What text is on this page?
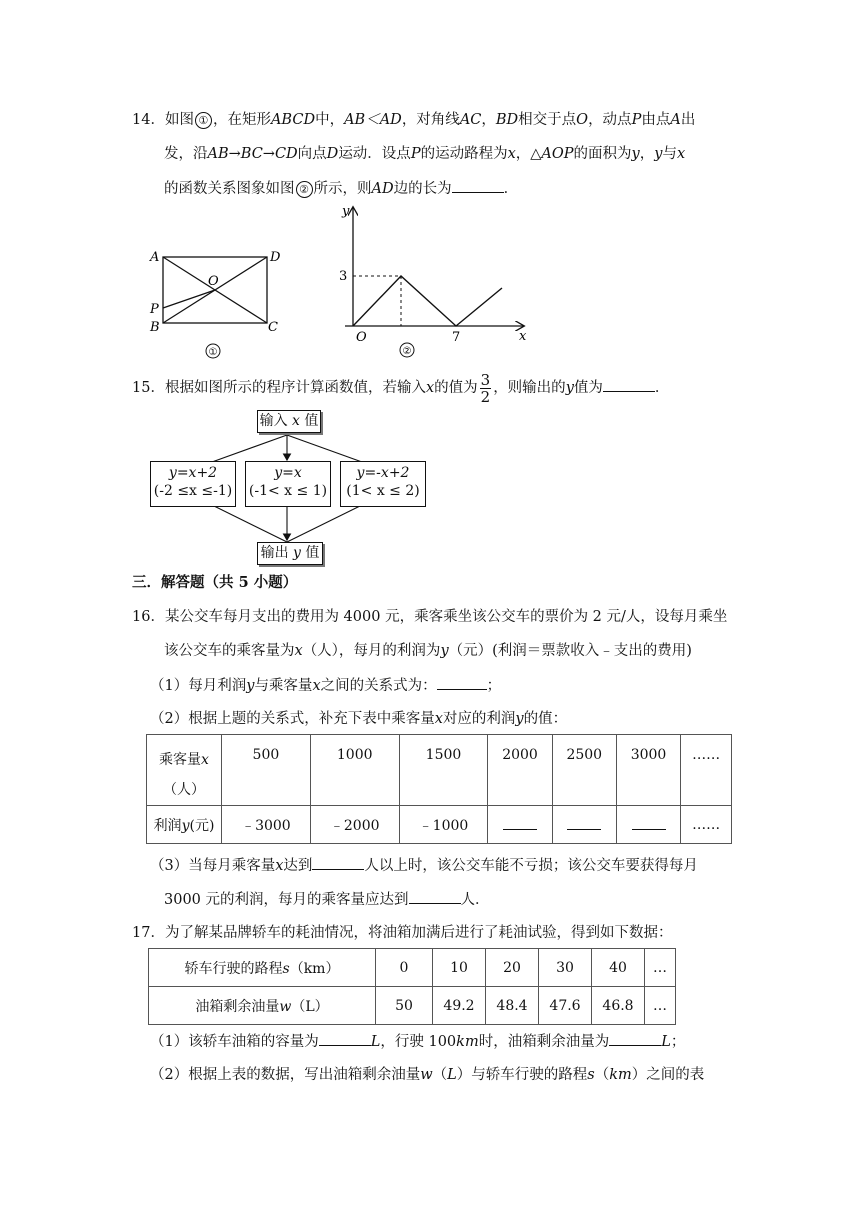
14．如图 ① ，在矩形ABCD中，AB＜AD，对角线AC，BD相交于点O，动点P由点A出
发，沿AB→BC→CD向点D运动．设点P的运动路程为x，△AOP的面积为y，y与x
的函数关系图象如图 ② 所示，则AD边的长为	．
A	D
O
P
B	C
①
y
x
3
O	7
②
15．根据如图所示的程序计算函数值，若输入x的值为 $\frac{3}{2}$ ，则输出的y值为	．
输入 x 值
y=x+2
(-2 ≤x ≤-1)
y=x
(-1< x ≤ 1)
y=-x+2
(1< x ≤ 2)
输出 y 值
三．解答题（共 5 小题）
16．某公交车每月支出的费用为 4000 元，乘客乘坐该公交车的票价为 2 元/人，设每月乘坐
该公交车的乘客量为x（人），每月的利润为y（元）(利润＝票款收入﹣支出的费用)
（1）每月利润y与乘客量x之间的关系式为：	；
（2）根据上题的关系式，补充下表中乘客量x对应的利润y的值：
乘客量x
（人）	500	1000	1500	2000	2500	3000	……
利润y(元)	﹣3000	﹣2000	﹣1000				……
（3）当每月乘客量x达到	人以上时，该公交车能不亏损；该公交车要获得每月
3000 元的利润，每月的乘客量应达到	人．
17．为了解某品牌轿车的耗油情况，将油箱加满后进行了耗油试验，得到如下数据：
轿车行驶的路程s（km）	0	10	20	30	40	…
油箱剩余油量w（L）	50	49.2	48.4	47.6	46.8	…
（1）该轿车油箱的容量为	L，行驶 100km时，油箱剩余油量为	L；
（2）根据上表的数据，写出油箱剩余油量w（L）与轿车行驶的路程s（km）之间的表
